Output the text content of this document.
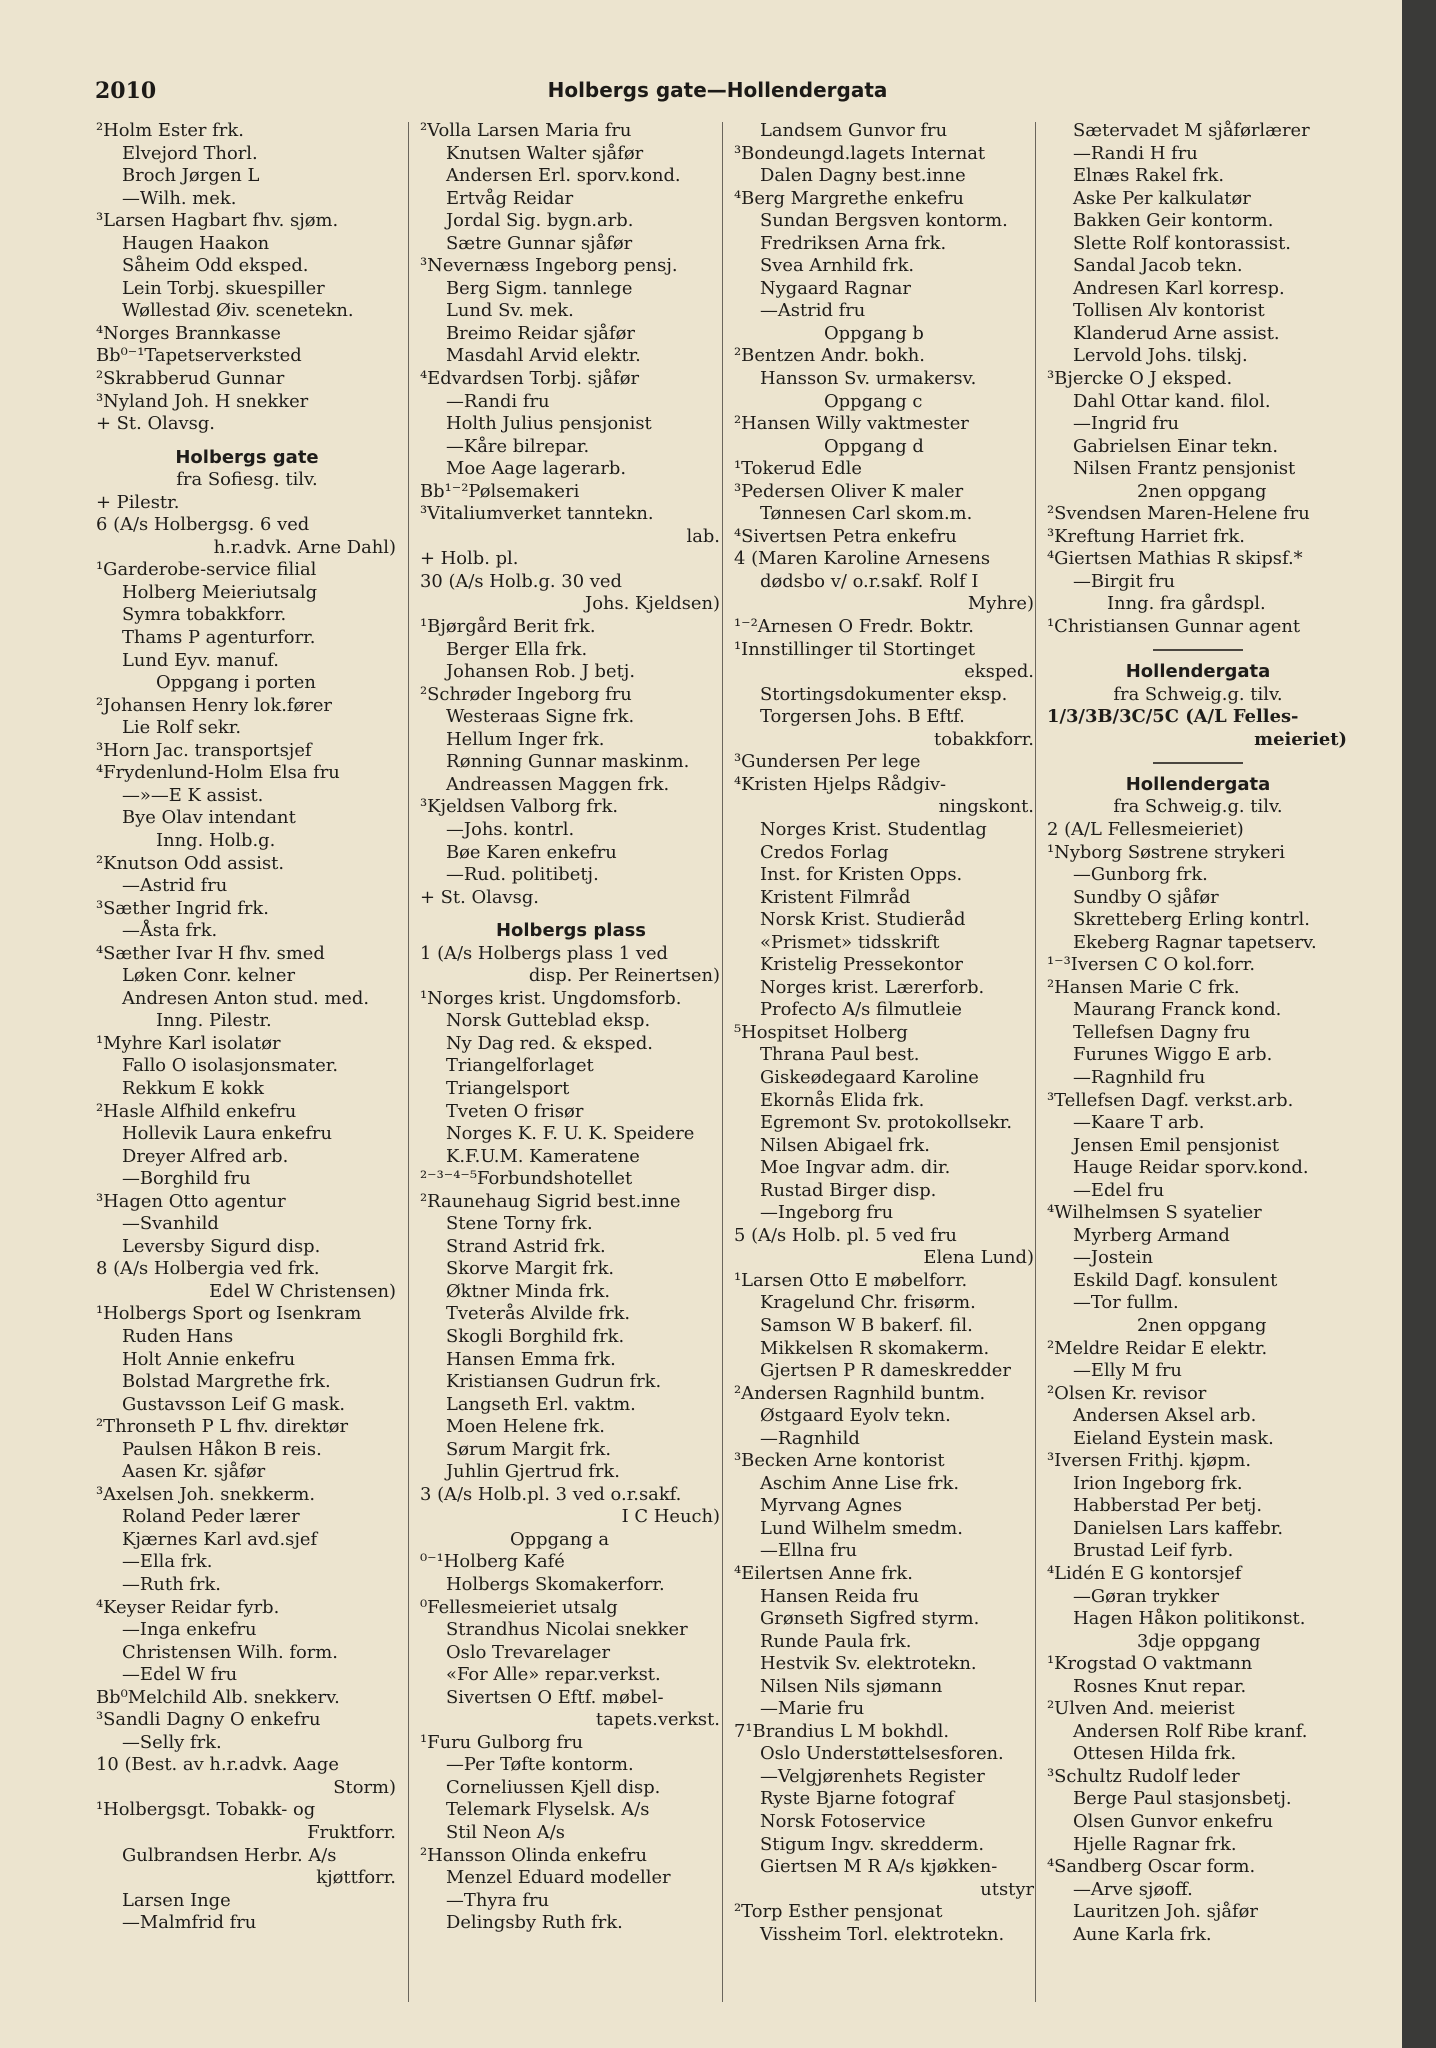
2010	Holbergs gate—Hollendergata
²Holm Ester frk.
Elvejord Thorl.
Broch Jørgen L
—Wilh. mek.
³Larsen Hagbart fhv. sjøm.
Haugen Haakon
Såheim Odd eksped.
Lein Torbj. skuespiller
Wøllestad Øiv. scenetekn.
⁴Norges Brannkasse
Bb⁰⁻¹Tapetserverksted
²Skrabberud Gunnar
³Nyland Joh. H snekker
+ St. Olavsg.
Holbergs gate
fra Sofiesg. tilv.
+ Pilestr.
6 (A/s Holbergsg. 6 ved
h.r.advk. Arne Dahl)
¹Garderobe-service filial
Holberg Meieriutsalg
Symra tobakkforr.
Thams P agenturforr.
Lund Eyv. manuf.
Oppgang i porten
²Johansen Henry lok.fører
Lie Rolf sekr.
³Horn Jac. transportsjef
⁴Frydenlund-Holm Elsa fru
—»—E K assist.
Bye Olav intendant
Inng. Holb.g.
²Knutson Odd assist.
—Astrid fru
³Sæther Ingrid frk.
—Åsta frk.
⁴Sæther Ivar H fhv. smed
Løken Conr. kelner
Andresen Anton stud. med.
Inng. Pilestr.
¹Myhre Karl isolatør
Fallo O isolasjonsmater.
Rekkum E kokk
²Hasle Alfhild enkefru
Hollevik Laura enkefru
Dreyer Alfred arb.
—Borghild fru
³Hagen Otto agentur
—Svanhild
Leversby Sigurd disp.
8 (A/s Holbergia ved frk.
Edel W Christensen)
¹Holbergs Sport og Isenkram
Ruden Hans
Holt Annie enkefru
Bolstad Margrethe frk.
Gustavsson Leif G mask.
²Thronseth P L fhv. direktør
Paulsen Håkon B reis.
Aasen Kr. sjåfør
³Axelsen Joh. snekkerm.
Roland Peder lærer
Kjærnes Karl avd.sjef
—Ella frk.
—Ruth frk.
⁴Keyser Reidar fyrb.
—Inga enkefru
Christensen Wilh. form.
—Edel W fru
Bb⁰Melchild Alb. snekkerv.
³Sandli Dagny O enkefru
—Selly frk.
10 (Best. av h.r.advk. Aage
Storm)
¹Holbergsgt. Tobakk- og
Fruktforr.
Gulbrandsen Herbr. A/s
kjøttforr.
Larsen Inge
—Malmfrid fru
²Volla Larsen Maria fru
Knutsen Walter sjåfør
Andersen Erl. sporv.kond.
Ertvåg Reidar
Jordal Sig. bygn.arb.
Sætre Gunnar sjåfør
³Nevernæss Ingeborg pensj.
Berg Sigm. tannlege
Lund Sv. mek.
Breimo Reidar sjåfør
Masdahl Arvid elektr.
⁴Edvardsen Torbj. sjåfør
—Randi fru
Holth Julius pensjonist
—Kåre bilrepar.
Moe Aage lagerarb.
Bb¹⁻²Pølsemakeri
³Vitaliumverket tanntekn.
lab.
+ Holb. pl.
30 (A/s Holb.g. 30 ved
Johs. Kjeldsen)
¹Bjørgård Berit frk.
Berger Ella frk.
Johansen Rob. J betj.
²Schrøder Ingeborg fru
Westeraas Signe frk.
Hellum Inger frk.
Rønning Gunnar maskinm.
Andreassen Maggen frk.
³Kjeldsen Valborg frk.
—Johs. kontrl.
Bøe Karen enkefru
—Rud. politibetj.
+ St. Olavsg.
Holbergs plass
1 (A/s Holbergs plass 1 ved
disp. Per Reinertsen)
¹Norges krist. Ungdomsforb.
Norsk Gutteblad eksp.
Ny Dag red. & eksped.
Triangelforlaget
Triangelsport
Tveten O frisør
Norges K. F. U. K. Speidere
K.F.U.M. Kameratene
²⁻³⁻⁴⁻⁵Forbundshotellet
²Raunehaug Sigrid best.inne
Stene Torny frk.
Strand Astrid frk.
Skorve Margit frk.
Øktner Minda frk.
Tveterås Alvilde frk.
Skogli Borghild frk.
Hansen Emma frk.
Kristiansen Gudrun frk.
Langseth Erl. vaktm.
Moen Helene frk.
Sørum Margit frk.
Juhlin Gjertrud frk.
3 (A/s Holb.pl. 3 ved o.r.sakf.
I C Heuch)
Oppgang a
⁰⁻¹Holberg Kafé
Holbergs Skomakerforr.
⁰Fellesmeieriet utsalg
Strandhus Nicolai snekker
Oslo Trevarelager
«For Alle» repar.verkst.
Sivertsen O Eftf. møbel-
tapets.verkst.
¹Furu Gulborg fru
—Per Tøfte kontorm.
Corneliussen Kjell disp.
Telemark Flyselsk. A/s
Stil Neon A/s
²Hansson Olinda enkefru
Menzel Eduard modeller
—Thyra fru
Delingsby Ruth frk.
Landsem Gunvor fru
³Bondeungd.lagets Internat
Dalen Dagny best.inne
⁴Berg Margrethe enkefru
Sundan Bergsven kontorm.
Fredriksen Arna frk.
Svea Arnhild frk.
Nygaard Ragnar
—Astrid fru
Oppgang b
²Bentzen Andr. bokh.
Hansson Sv. urmakersv.
Oppgang c
²Hansen Willy vaktmester
Oppgang d
¹Tokerud Edle
³Pedersen Oliver K maler
Tønnesen Carl skom.m.
⁴Sivertsen Petra enkefru
4 (Maren Karoline Arnesens
dødsbo v/ o.r.sakf. Rolf I
Myhre)
¹⁻²Arnesen O Fredr. Boktr.
¹Innstillinger til Stortinget
eksped.
Stortingsdokumenter eksp.
Torgersen Johs. B Eftf.
tobakkforr.
³Gundersen Per lege
⁴Kristen Hjelps Rådgiv-
ningskont.
Norges Krist. Studentlag
Credos Forlag
Inst. for Kristen Opps.
Kristent Filmråd
Norsk Krist. Studieråd
«Prismet» tidsskrift
Kristelig Pressekontor
Norges krist. Lærerforb.
Profecto A/s filmutleie
⁵Hospitset Holberg
Thrana Paul best.
Giskeødegaard Karoline
Ekornås Elida frk.
Egremont Sv. protokollsekr.
Nilsen Abigael frk.
Moe Ingvar adm. dir.
Rustad Birger disp.
—Ingeborg fru
5 (A/s Holb. pl. 5 ved fru
Elena Lund)
¹Larsen Otto E møbelforr.
Kragelund Chr. frisørm.
Samson W B bakerf. fil.
Mikkelsen R skomakerm.
Gjertsen P R dameskredder
²Andersen Ragnhild buntm.
Østgaard Eyolv tekn.
—Ragnhild
³Becken Arne kontorist
Aschim Anne Lise frk.
Myrvang Agnes
Lund Wilhelm smedm.
—Ellna fru
⁴Eilertsen Anne frk.
Hansen Reida fru
Grønseth Sigfred styrm.
Runde Paula frk.
Hestvik Sv. elektrotekn.
Nilsen Nils sjømann
—Marie fru
7¹Brandius L M bokhdl.
Oslo Understøttelsesforen.
—Velgjørenhets Register
Ryste Bjarne fotograf
Norsk Fotoservice
Stigum Ingv. skredderm.
Giertsen M R A/s kjøkken-
utstyr
²Torp Esther pensjonat
Vissheim Torl. elektrotekn.
Sætervadet M sjåførlærer
—Randi H fru
Elnæs Rakel frk.
Aske Per kalkulatør
Bakken Geir kontorm.
Slette Rolf kontorassist.
Sandal Jacob tekn.
Andresen Karl korresp.
Tollisen Alv kontorist
Klanderud Arne assist.
Lervold Johs. tilskj.
³Bjercke O J eksped.
Dahl Ottar kand. filol.
—Ingrid fru
Gabrielsen Einar tekn.
Nilsen Frantz pensjonist
2nen oppgang
²Svendsen Maren-Helene fru
³Kreftung Harriet frk.
⁴Giertsen Mathias R skipsf.*
—Birgit fru
Inng. fra gårdspl.
¹Christiansen Gunnar agent
Hollendergata
fra Schweig.g. tilv.
1/3/3B/3C/5C (A/L Felles-
meieriet)
Hollendergata
fra Schweig.g. tilv.
2 (A/L Fellesmeieriet)
¹Nyborg Søstrene strykeri
—Gunborg frk.
Sundby O sjåfør
Skretteberg Erling kontrl.
Ekeberg Ragnar tapetserv.
¹⁻³Iversen C O kol.forr.
²Hansen Marie C frk.
Maurang Franck kond.
Tellefsen Dagny fru
Furunes Wiggo E arb.
—Ragnhild fru
³Tellefsen Dagf. verkst.arb.
—Kaare T arb.
Jensen Emil pensjonist
Hauge Reidar sporv.kond.
—Edel fru
⁴Wilhelmsen S syatelier
Myrberg Armand
—Jostein
Eskild Dagf. konsulent
—Tor fullm.
2nen oppgang
²Meldre Reidar E elektr.
—Elly M fru
²Olsen Kr. revisor
Andersen Aksel arb.
Eieland Eystein mask.
³Iversen Frithj. kjøpm.
Irion Ingeborg frk.
Habberstad Per betj.
Danielsen Lars kaffebr.
Brustad Leif fyrb.
⁴Lidén E G kontorsjef
—Gøran trykker
Hagen Håkon politikonst.
3dje oppgang
¹Krogstad O vaktmann
Rosnes Knut repar.
²Ulven And. meierist
Andersen Rolf Ribe kranf.
Ottesen Hilda frk.
³Schultz Rudolf leder
Berge Paul stasjonsbetj.
Olsen Gunvor enkefru
Hjelle Ragnar frk.
⁴Sandberg Oscar form.
—Arve sjøoff.
Lauritzen Joh. sjåfør
Aune Karla frk.
